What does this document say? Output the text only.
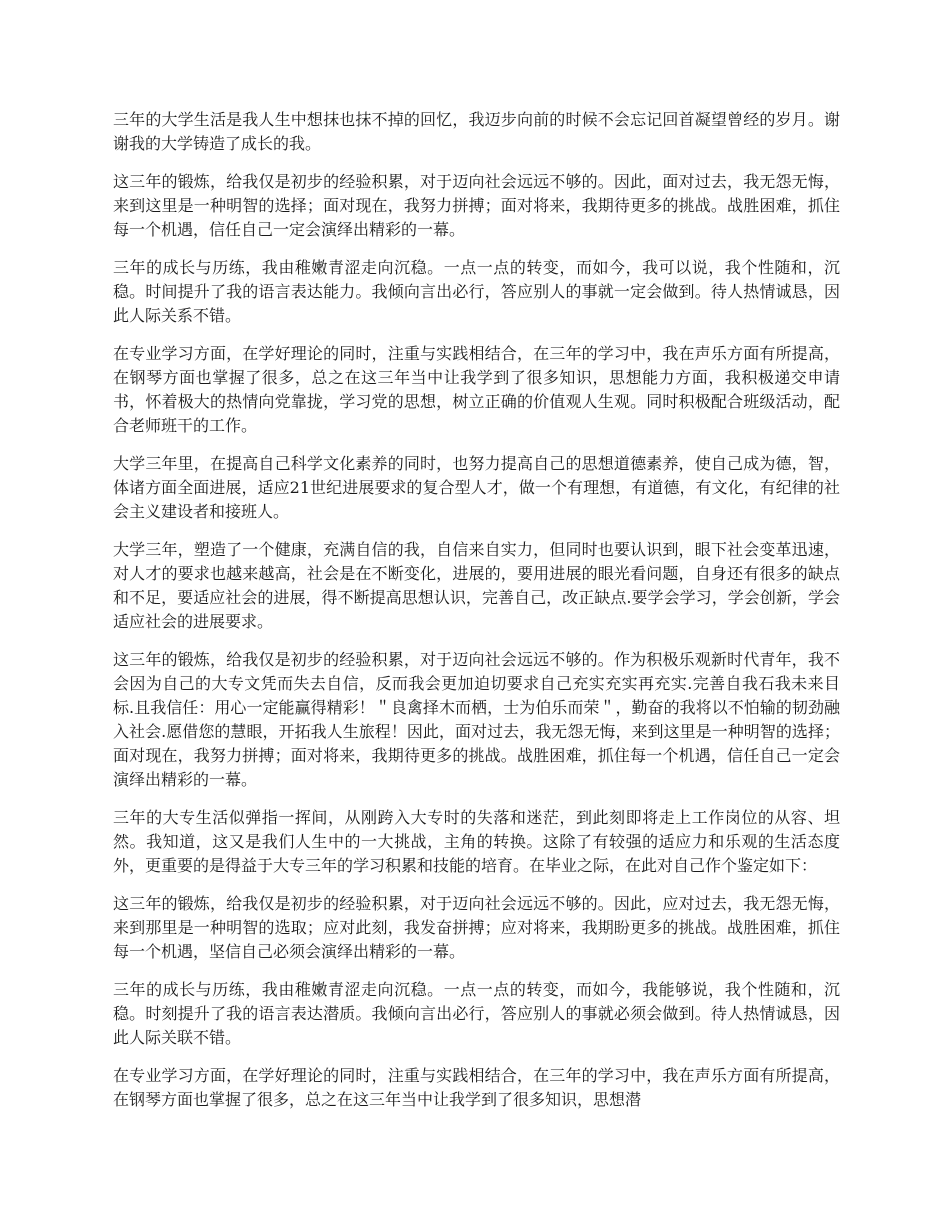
三年的大学生活是我人生中想抹也抹不掉的回忆，我迈步向前的时候不会忘记回首凝望曾经的岁月。谢谢我的大学铸造了成长的我。

这三年的锻炼，给我仅是初步的经验积累，对于迈向社会远远不够的。因此，面对过去，我无怨无悔，来到这里是一种明智的选择；面对现在，我努力拼搏；面对将来，我期待更多的挑战。战胜困难，抓住每一个机遇，信任自己一定会演绎出精彩的一幕。

三年的成长与历练，我由稚嫩青涩走向沉稳。一点一点的转变，而如今，我可以说，我个性随和，沉稳。时间提升了我的语言表达能力。我倾向言出必行，答应别人的事就一定会做到。待人热情诚恳，因此人际关系不错。

在专业学习方面，在学好理论的同时，注重与实践相结合，在三年的学习中，我在声乐方面有所提高，在钢琴方面也掌握了很多，总之在这三年当中让我学到了很多知识，思想能力方面，我积极递交申请书，怀着极大的热情向党靠拢，学习党的思想，树立正确的价值观人生观。同时积极配合班级活动，配合老师班干的工作。

大学三年里，在提高自己科学文化素养的同时，也努力提高自己的思想道德素养，使自己成为德，智，体诸方面全面进展，适应21世纪进展要求的复合型人才，做一个有理想，有道德，有文化，有纪律的社会主义建设者和接班人。

大学三年，塑造了一个健康，充满自信的我，自信来自实力，但同时也要认识到，眼下社会变革迅速，对人才的要求也越来越高，社会是在不断变化，进展的，要用进展的眼光看问题，自身还有很多的缺点和不足，要适应社会的进展，得不断提高思想认识，完善自己，改正缺点.要学会学习，学会创新，学会适应社会的进展要求。

这三年的锻炼，给我仅是初步的经验积累，对于迈向社会远远不够的。作为积极乐观新时代青年，我不会因为自己的大专文凭而失去自信，反而我会更加迫切要求自己充实充实再充实.完善自我石我未来目标.且我信任：用心一定能赢得精彩！＂良禽择木而栖，士为伯乐而荣＂，勤奋的我将以不怕输的韧劲融入社会.愿借您的慧眼，开拓我人生旅程！因此，面对过去，我无怨无悔，来到这里是一种明智的选择；面对现在，我努力拼搏；面对将来，我期待更多的挑战。战胜困难，抓住每一个机遇，信任自己一定会演绎出精彩的一幕。

三年的大专生活似弹指一挥间，从刚跨入大专时的失落和迷茫，到此刻即将走上工作岗位的从容、坦然。我知道，这又是我们人生中的一大挑战，主角的转换。这除了有较强的适应力和乐观的生活态度外，更重要的是得益于大专三年的学习积累和技能的培育。在毕业之际，在此对自己作个鉴定如下：

这三年的锻炼，给我仅是初步的经验积累，对于迈向社会远远不够的。因此，应对过去，我无怨无悔，来到那里是一种明智的选取；应对此刻，我发奋拼搏；应对将来，我期盼更多的挑战。战胜困难，抓住每一个机遇，坚信自己必须会演绎出精彩的一幕。

三年的成长与历练，我由稚嫩青涩走向沉稳。一点一点的转变，而如今，我能够说，我个性随和，沉稳。时刻提升了我的语言表达潜质。我倾向言出必行，答应别人的事就必须会做到。待人热情诚恳，因此人际关联不错。

在专业学习方面，在学好理论的同时，注重与实践相结合，在三年的学习中，我在声乐方面有所提高，在钢琴方面也掌握了很多，总之在这三年当中让我学到了很多知识，思想潜
